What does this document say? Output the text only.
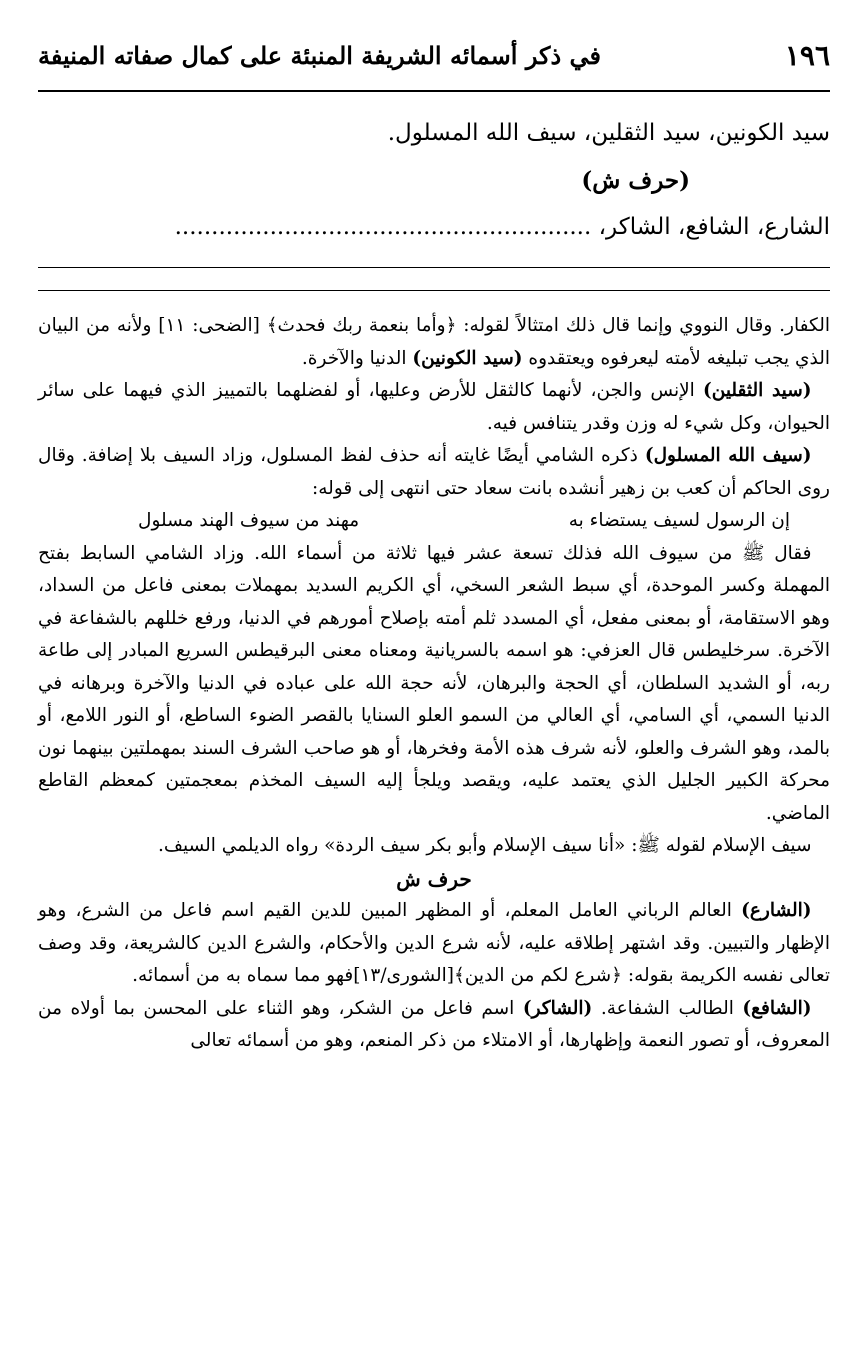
١٩٦
في ذكر أسمائه الشريفة المنبئة على كمال صفاته المنيفة
سيد الكونين، سيد الثقلين، سيف الله المسلول.
(حرف ش)
الشارع، الشافع، الشاكر، .........................................................

الكفار. وقال النووي وإنما قال ذلك امتثالاً لقوله: ﴿وأما بنعمة ربك فحدث﴾ [الضحى: ١١] ولأنه من البيان الذي يجب تبليغه لأمته ليعرفوه ويعتقدوه (سيد الكونين) الدنيا والآخرة.

(سيد الثقلين) الإنس والجن، لأنهما كالثقل للأرض وعليها، أو لفضلهما بالتمييز الذي فيهما على سائر الحيوان، وكل شيء له وزن وقدر يتنافس فيه.

(سيف الله المسلول) ذكره الشامي أيضًا غايته أنه حذف لفظ المسلول، وزاد السيف بلا إضافة. وقال روى الحاكم أن كعب بن زهير أنشده بانت سعاد حتى انتهى إلى قوله:

إن الرسول لسيف يستضاء به
مهند من سيوف الهند مسلول

فقال ﷺ من سيوف الله فذلك تسعة عشر فيها ثلاثة من أسماء الله. وزاد الشامي السابط بفتح المهملة وكسر الموحدة، أي سبط الشعر السخي، أي الكريم السديد بمهملات بمعنى فاعل من السداد، وهو الاستقامة، أو بمعنى مفعل، أي المسدد ثلم أمته بإصلاح أمورهم في الدنيا، ورفع خللهم بالشفاعة في الآخرة. سرخليطس قال العزفي: هو اسمه بالسريانية ومعناه معنى البرقيطس السريع المبادر إلى طاعة ربه، أو الشديد السلطان، أي الحجة والبرهان، لأنه حجة الله على عباده في الدنيا والآخرة وبرهانه في الدنيا السمي، أي السامي، أي العالي من السمو العلو السنايا بالقصر الضوء الساطع، أو النور اللامع، أو بالمد، وهو الشرف والعلو، لأنه شرف هذه الأمة وفخرها، أو هو صاحب الشرف السند بمهملتين بينهما نون محركة الكبير الجليل الذي يعتمد عليه، ويقصد ويلجأ إليه السيف المخذم بمعجمتين كمعظم القاطع الماضي.

سيف الإسلام لقوله ﷺ: «أنا سيف الإسلام وأبو بكر سيف الردة» رواه الديلمي السيف.

حرف ش

(الشارع) العالم الرباني العامل المعلم، أو المظهر المبين للدين القيم اسم فاعل من الشرع، وهو الإظهار والتبيين. وقد اشتهر إطلاقه عليه، لأنه شرع الدين والأحكام، والشرع الدين كالشريعة، وقد وصف تعالى نفسه الكريمة بقوله: ﴿شرع لكم من الدين﴾[الشورى/١٣]فهو مما سماه به من أسمائه.

(الشافع) الطالب الشفاعة. (الشاكر) اسم فاعل من الشكر، وهو الثناء على المحسن بما أولاه من المعروف، أو تصور النعمة وإظهارها، أو الامتلاء من ذكر المنعم، وهو من أسمائه تعالى
